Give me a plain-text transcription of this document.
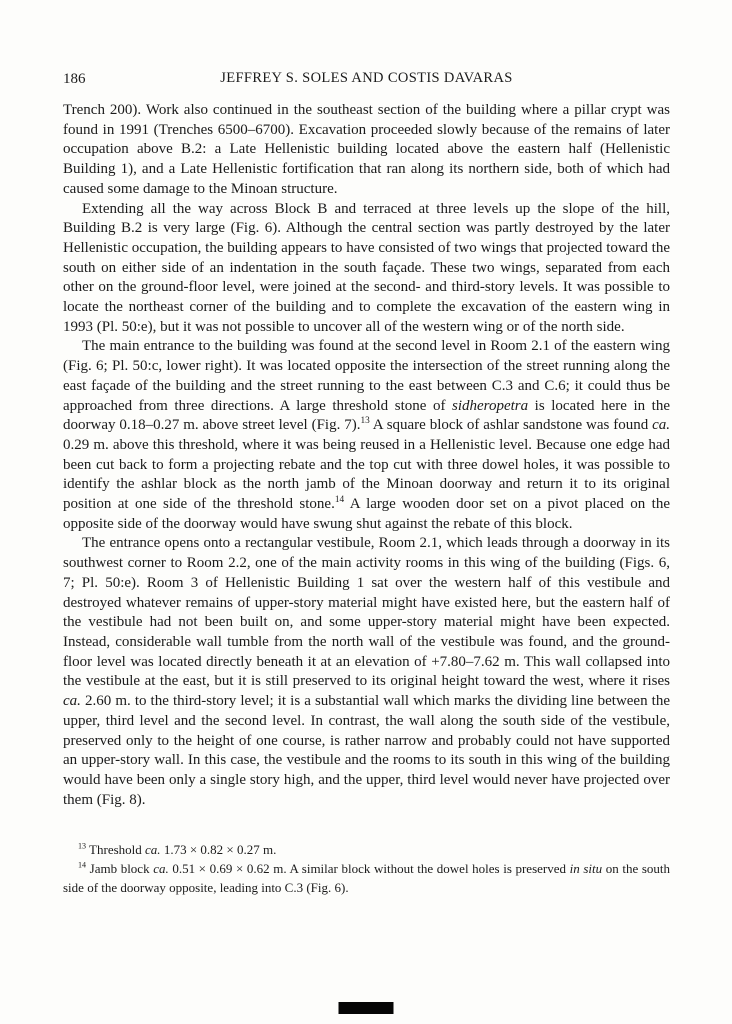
186	JEFFREY S. SOLES AND COSTIS DAVARAS

Trench 200). Work also continued in the southeast section of the building where a pillar crypt was found in 1991 (Trenches 6500–6700). Excavation proceeded slowly because of the remains of later occupation above B.2: a Late Hellenistic building located above the eastern half (Hellenistic Building 1), and a Late Hellenistic fortification that ran along its northern side, both of which had caused some damage to the Minoan structure.

Extending all the way across Block B and terraced at three levels up the slope of the hill, Building B.2 is very large (Fig. 6). Although the central section was partly destroyed by the later Hellenistic occupation, the building appears to have consisted of two wings that projected toward the south on either side of an indentation in the south façade. These two wings, separated from each other on the ground-floor level, were joined at the second- and third-story levels. It was possible to locate the northeast corner of the building and to complete the excavation of the eastern wing in 1993 (Pl. 50:e), but it was not possible to uncover all of the western wing or of the north side.

The main entrance to the building was found at the second level in Room 2.1 of the eastern wing (Fig. 6; Pl. 50:c, lower right). It was located opposite the intersection of the street running along the east façade of the building and the street running to the east between C.3 and C.6; it could thus be approached from three directions. A large threshold stone of sidheropetra is located here in the doorway 0.18–0.27 m. above street level (Fig. 7).$^{13}$ A square block of ashlar sandstone was found ca. 0.29 m. above this threshold, where it was being reused in a Hellenistic level. Because one edge had been cut back to form a projecting rebate and the top cut with three dowel holes, it was possible to identify the ashlar block as the north jamb of the Minoan doorway and return it to its original position at one side of the threshold stone.$^{14}$ A large wooden door set on a pivot placed on the opposite side of the doorway would have swung shut against the rebate of this block.

The entrance opens onto a rectangular vestibule, Room 2.1, which leads through a doorway in its southwest corner to Room 2.2, one of the main activity rooms in this wing of the building (Figs. 6, 7; Pl. 50:e). Room 3 of Hellenistic Building 1 sat over the western half of this vestibule and destroyed whatever remains of upper-story material might have existed here, but the eastern half of the vestibule had not been built on, and some upper-story material might have been expected. Instead, considerable wall tumble from the north wall of the vestibule was found, and the ground-floor level was located directly beneath it at an elevation of +7.80–7.62 m. This wall collapsed into the vestibule at the east, but it is still preserved to its original height toward the west, where it rises ca. 2.60 m. to the third-story level; it is a substantial wall which marks the dividing line between the upper, third level and the second level. In contrast, the wall along the south side of the vestibule, preserved only to the height of one course, is rather narrow and probably could not have supported an upper-story wall. In this case, the vestibule and the rooms to its south in this wing of the building would have been only a single story high, and the upper, third level would never have projected over them (Fig. 8).

$^{13}$ Threshold ca. 1.73 × 0.82 × 0.27 m.

$^{14}$ Jamb block ca. 0.51 × 0.69 × 0.62 m. A similar block without the dowel holes is preserved in situ on the south side of the doorway opposite, leading into C.3 (Fig. 6).
